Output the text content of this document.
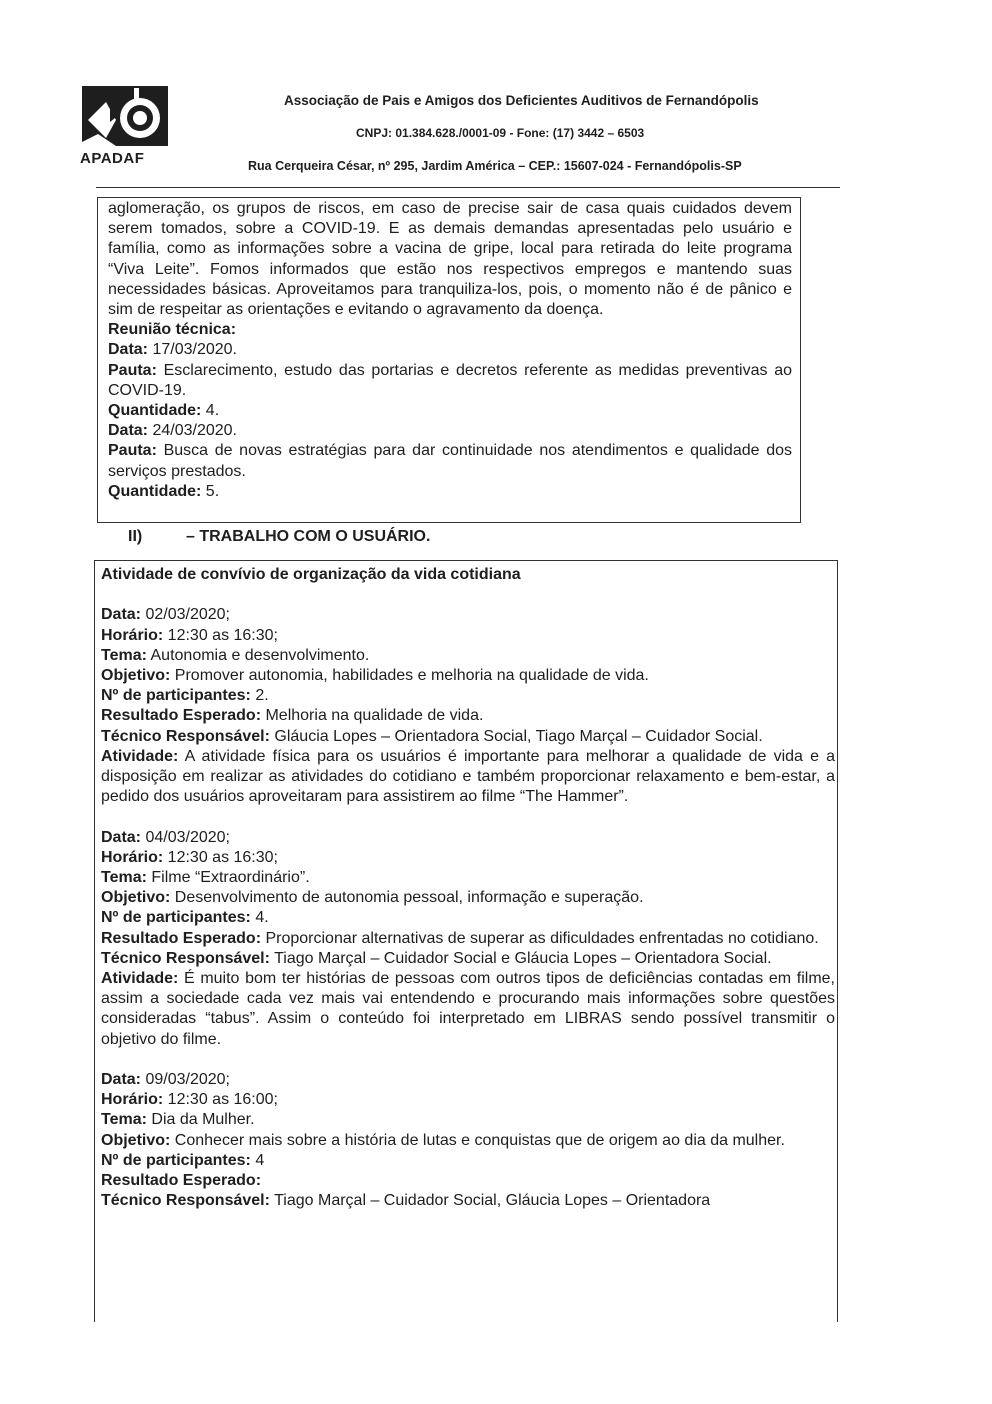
APADAF
Associação de Pais e Amigos dos Deficientes Auditivos de Fernandópolis
CNPJ: 01.384.628./0001-09 - Fone: (17) 3442 – 6503
Rua Cerqueira César, nº 295, Jardim América – CEP.: 15607-024 - Fernandópolis-SP

aglomeração, os grupos de riscos, em caso de precise sair de casa quais cuidados devem serem tomados, sobre a COVID-19. E as demais demandas apresentadas pelo usuário e família, como as informações sobre a vacina de gripe, local para retirada do leite programa “Viva Leite”. Fomos informados que estão nos respectivos empregos e mantendo suas necessidades básicas. Aproveitamos para tranquiliza-los, pois, o momento não é de pânico e sim de respeitar as orientações e evitando o agravamento da doença.

Reunião técnica:

Data: 17/03/2020.

Pauta: Esclarecimento, estudo das portarias e decretos referente as medidas preventivas ao COVID-19.

Quantidade: 4.

Data: 24/03/2020.

Pauta: Busca de novas estratégias para dar continuidade nos atendimentos e qualidade dos serviços prestados.

Quantidade: 5.

II)	– TRABALHO COM O USUÁRIO.

Atividade de convívio de organização da vida cotidiana

Data: 02/03/2020;

Horário: 12:30 as 16:30;

Tema: Autonomia e desenvolvimento.

Objetivo: Promover autonomia, habilidades e melhoria na qualidade de vida.

Nº de participantes: 2.

Resultado Esperado: Melhoria na qualidade de vida.

Técnico Responsável: Gláucia Lopes – Orientadora Social, Tiago Marçal – Cuidador Social.

Atividade: A atividade física para os usuários é importante para melhorar a qualidade de vida e a disposição em realizar as atividades do cotidiano e também proporcionar relaxamento e bem-estar, a pedido dos usuários aproveitaram para assistirem ao filme “The Hammer”.

Data: 04/03/2020;

Horário: 12:30 as 16:30;

Tema: Filme “Extraordinário”.

Objetivo: Desenvolvimento de autonomia pessoal, informação e superação.

Nº de participantes: 4.

Resultado Esperado: Proporcionar alternativas de superar as dificuldades enfrentadas no cotidiano.

Técnico Responsável: Tiago Marçal – Cuidador Social e Gláucia Lopes – Orientadora Social.

Atividade: É muito bom ter histórias de pessoas com outros tipos de deficiências contadas em filme, assim a sociedade cada vez mais vai entendendo e procurando mais informações sobre questões consideradas “tabus”. Assim o conteúdo foi interpretado em LIBRAS sendo possível transmitir o objetivo do filme.

Data: 09/03/2020;

Horário: 12:30 as 16:00;

Tema: Dia da Mulher.

Objetivo: Conhecer mais sobre a história de lutas e conquistas que de origem ao dia da mulher.

Nº de participantes: 4

Resultado Esperado:

Técnico Responsável: Tiago Marçal – Cuidador Social, Gláucia Lopes – Orientadora
